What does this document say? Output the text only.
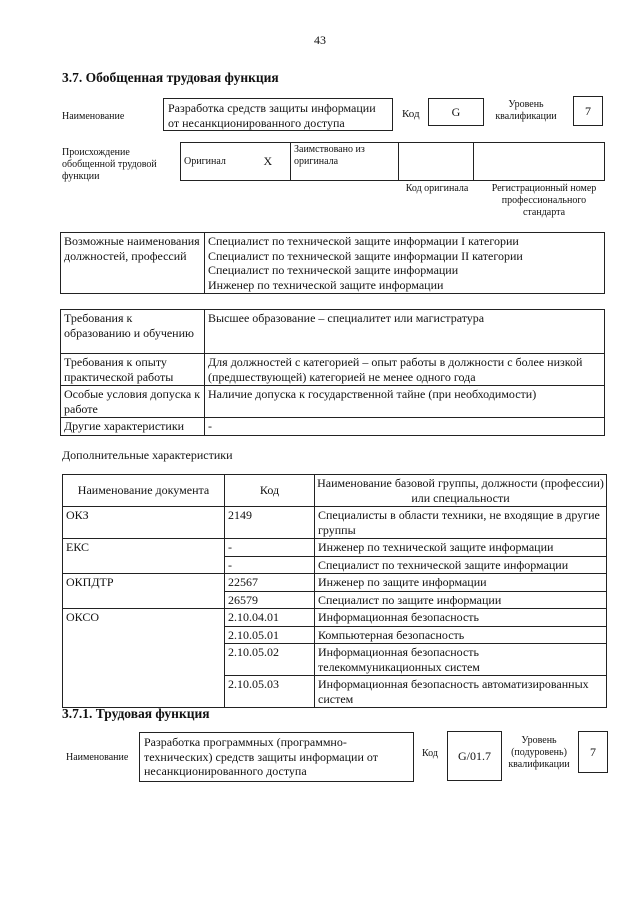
43
3.7. Обобщенная трудовая функция
Наименование
Разработка средств защиты информации от несанкционированного доступа
Код	G
Уровень квалификации	7
Происхождение обобщенной трудовой функции
Оригинал	X	Заимствовано из оригинала		
Код оригинала	Регистрационный номер профессионального стандарта
Возможные наименования должностей, профессий	
Специалист по технической защите информации I категории
Специалист по технической защите информации II категории
Специалист по технической защите информации
Инженер по технической защите информации
Требования к образованию и обучению	Высшее образование – специалитет или магистратура
Требования к опыту практической работы	Для должностей с категорией – опыт работы в должности с более низкой (предшествующей) категорией не менее одного года
Особые условия допуска к работе	Наличие допуска к государственной тайне (при необходимости)
Другие характеристики	-
Дополнительные характеристики
Наименование документа	Код	Наименование базовой группы, должности (профессии) или специальности
ОКЗ	2149	Специалисты в области техники, не входящие в другие группы
ЕКС	-	Инженер по технической защите информации
	-	Специалист по технической защите информации
ОКПДТР	22567	Инженер по защите информации
	26579	Специалист по защите информации
ОКСО	2.10.04.01	Информационная безопасность
	2.10.05.01	Компьютерная безопасность
	2.10.05.02	Информационная безопасность телекоммуникационных систем
	2.10.05.03	Информационная безопасность автоматизированных систем
3.7.1. Трудовая функция
Наименование
Разработка программных (программно-технических) средств защиты информации от несанкционированного доступа
Код G/01.7
Уровень (подуровень) квалификации
7
